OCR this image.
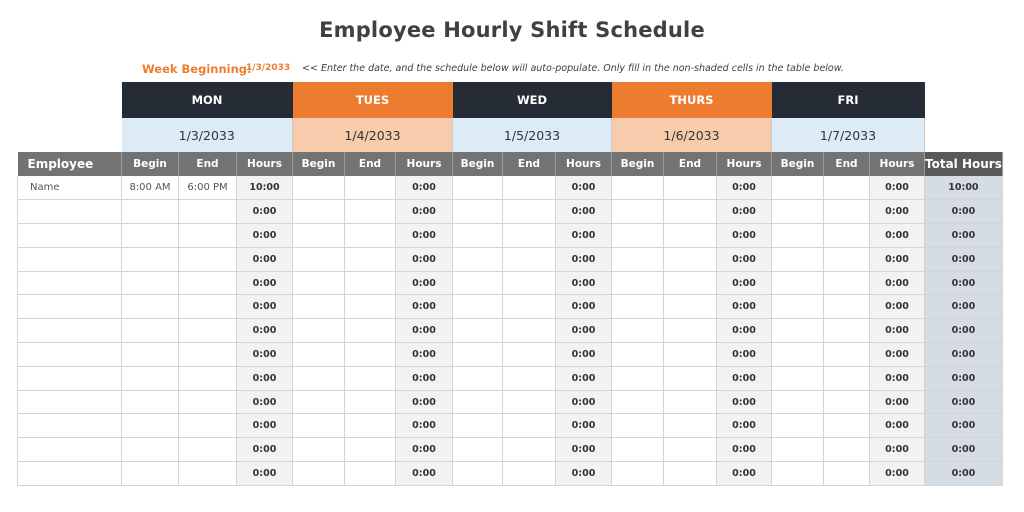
Employee Hourly Shift Schedule
Week Beginning:
1/3/2033 << Enter the date, and the schedule below will auto-populate. Only fill in the non-shaded cells in the table below.
	MON			TUES			WED			THURS			FRI			
	1/3/2033			1/4/2033			1/5/2033			1/6/2033			1/7/2033			
Employee	Begin	End	Hours	Begin	End	Hours	Begin	End	Hours	Begin	End	Hours	Begin	End	Hours	Total Hours
Name	8:00 AM	6:00 PM	10:00			0:00			0:00			0:00			0:00	10:00
			0:00			0:00			0:00			0:00			0:00	0:00
			0:00			0:00			0:00			0:00			0:00	0:00
			0:00			0:00			0:00			0:00			0:00	0:00
			0:00			0:00			0:00			0:00			0:00	0:00
			0:00			0:00			0:00			0:00			0:00	0:00
			0:00			0:00			0:00			0:00			0:00	0:00
			0:00			0:00			0:00			0:00			0:00	0:00
			0:00			0:00			0:00			0:00			0:00	0:00
			0:00			0:00			0:00			0:00			0:00	0:00
			0:00			0:00			0:00			0:00			0:00	0:00
			0:00			0:00			0:00			0:00			0:00	0:00
			0:00			0:00			0:00			0:00			0:00	0:00
